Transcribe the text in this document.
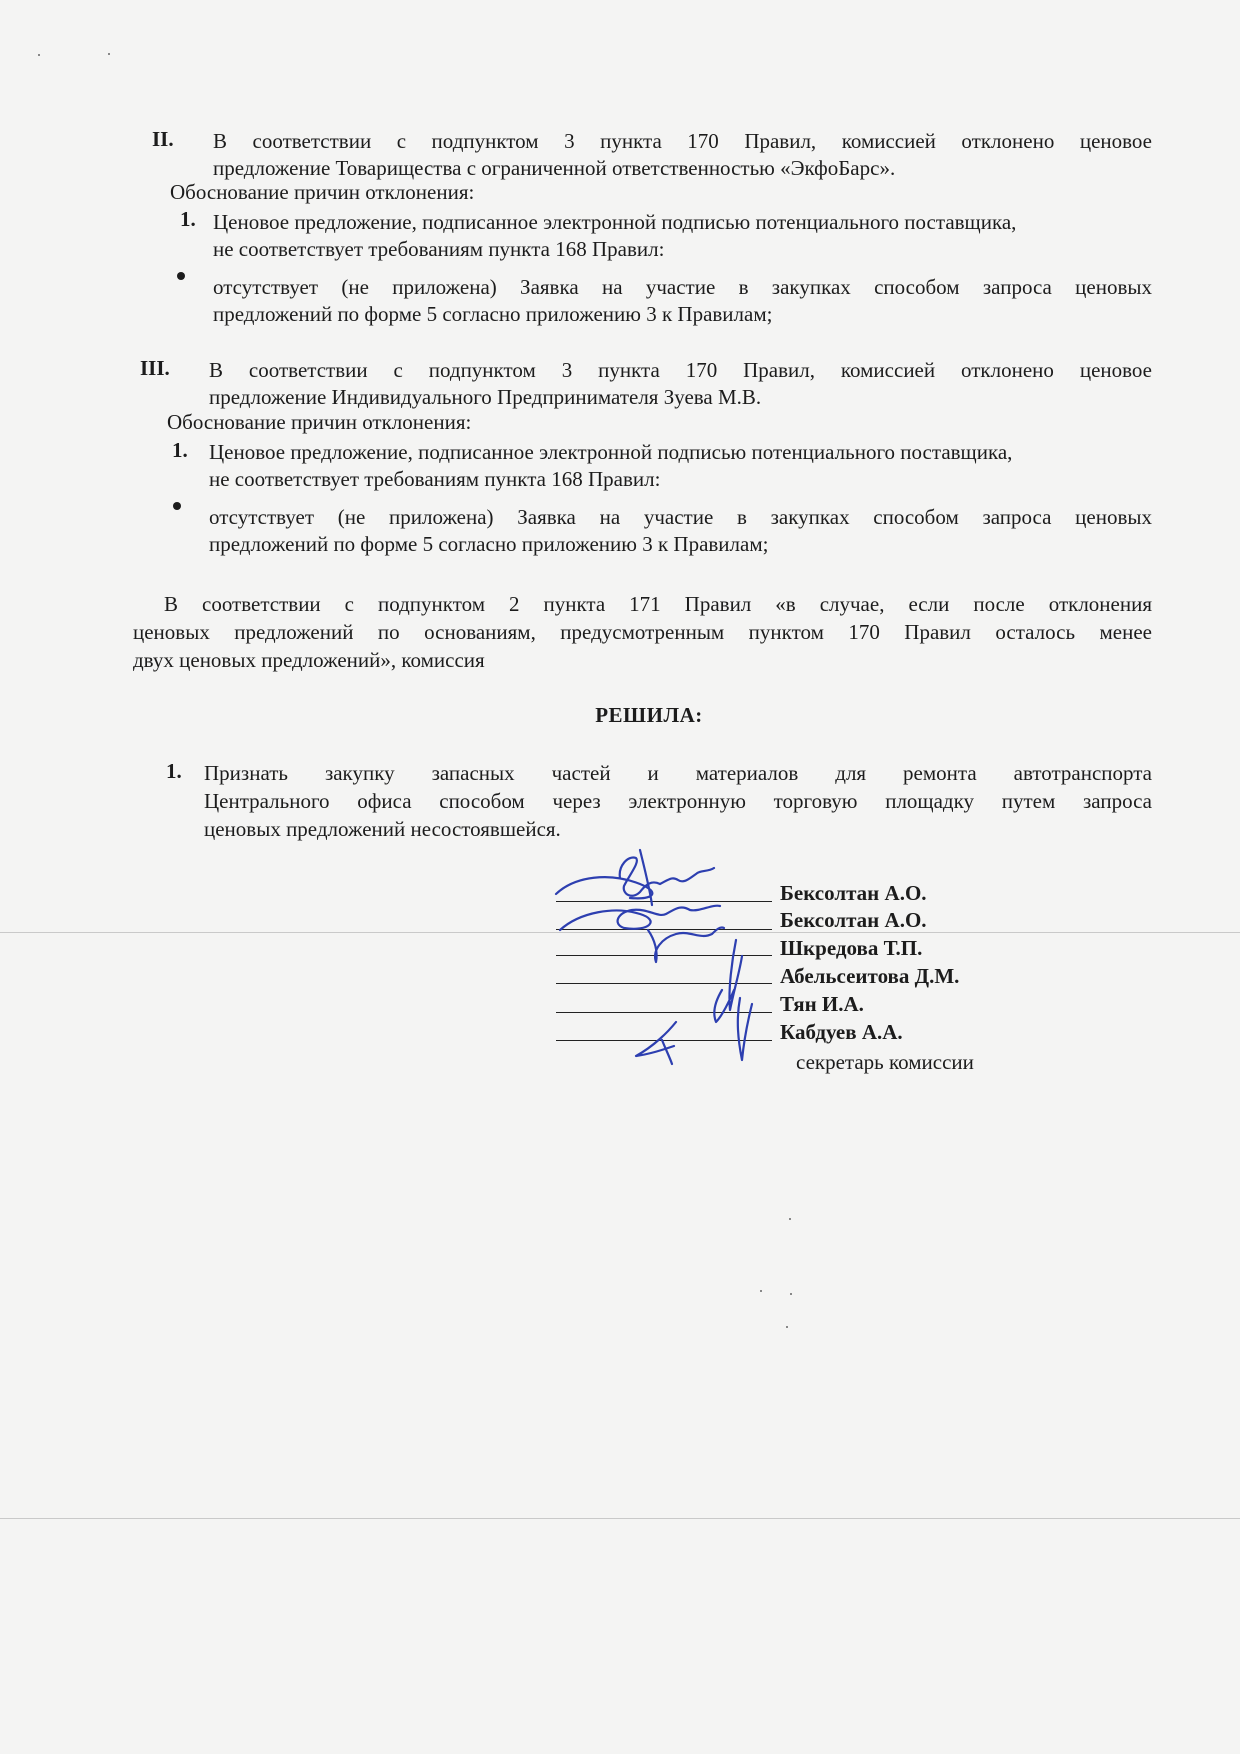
II. В соответствии с подпунктом 3 пункта 170 Правил, комиссией отклонено ценовое
предложение Товарищества с ограниченной ответственностью «ЭкфоБарс».
Обоснование причин отклонения:
1. Ценовое предложение, подписанное электронной подписью потенциального поставщика,
не соответствует требованиям пункта 168 Правил:
отсутствует (не приложена) Заявка на участие в закупках способом запроса ценовых
предложений по форме 5 согласно приложению 3 к Правилам;
III. В соответствии с подпунктом 3 пункта 170 Правил, комиссией отклонено ценовое
предложение Индивидуального Предпринимателя Зуева М.В.
Обоснование причин отклонения:
1. Ценовое предложение, подписанное электронной подписью потенциального поставщика,
не соответствует требованиям пункта 168 Правил:
отсутствует (не приложена) Заявка на участие в закупках способом запроса ценовых
предложений по форме 5 согласно приложению 3 к Правилам;
В соответствии с подпунктом 2 пункта 171 Правил «в случае, если после отклонения
ценовых предложений по основаниям, предусмотренным пунктом 170 Правил осталось менее
двух ценовых предложений», комиссия
РЕШИЛА:
1. Признать закупку запасных частей и материалов для ремонта автотранспорта
Центрального офиса способом через электронную торговую площадку путем запроса
ценовых предложений несостоявшейся.
Бексолтан А.О.
Бексолтан А.О.
Шкредова Т.П.
Абельсеитова Д.М.
Тян И.А.
Кабдуев А.А.
секретарь комиссии
